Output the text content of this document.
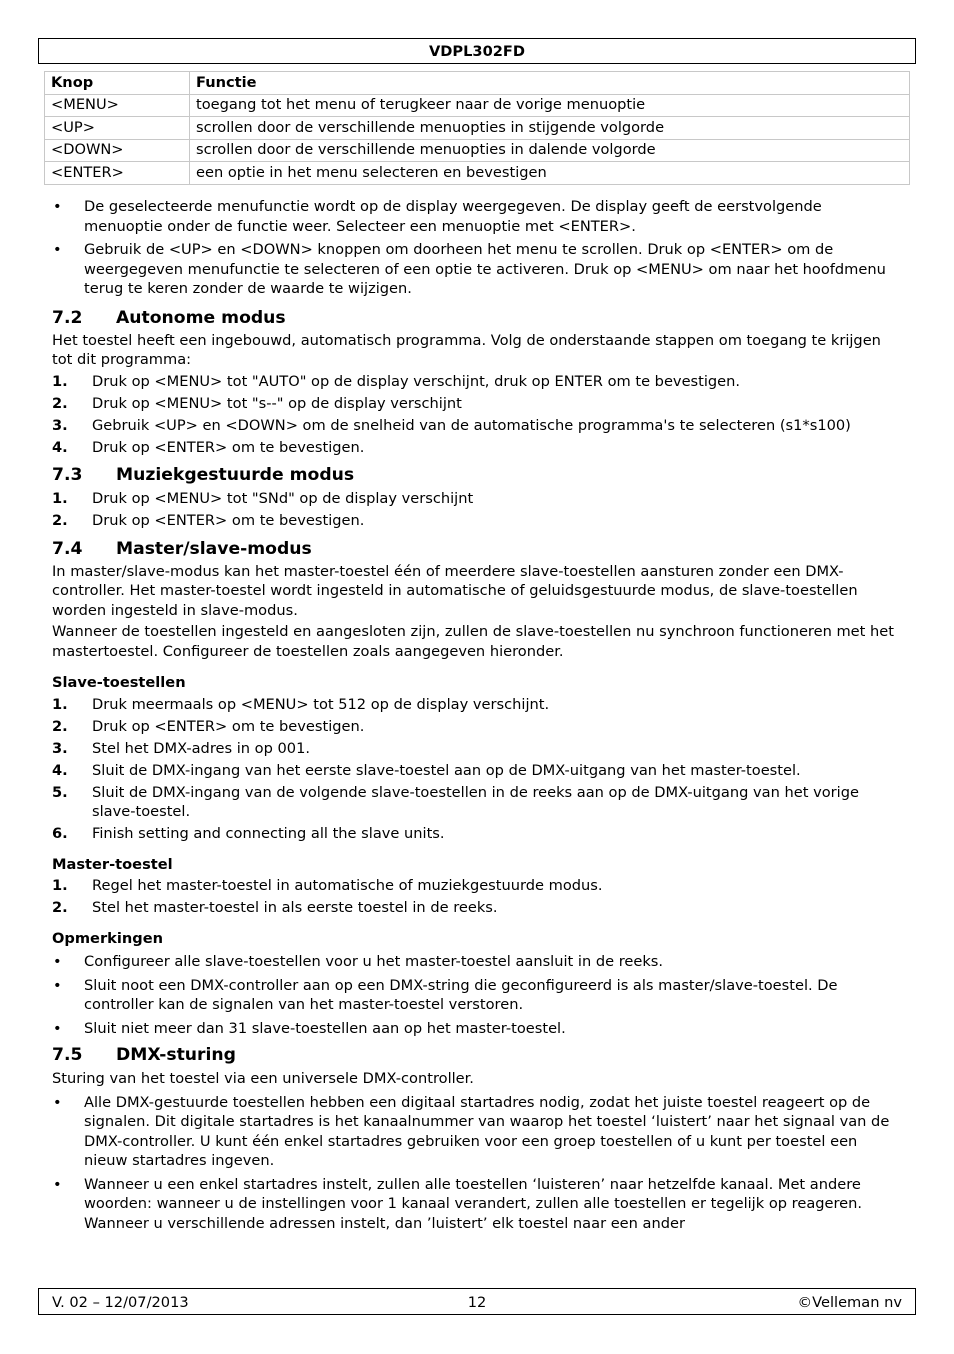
VDPL302FD
Knop	Functie
<MENU>	toegang tot het menu of terugkeer naar de vorige menuoptie
<UP>	scrollen door de verschillende menuopties in stijgende volgorde
<DOWN>	scrollen door de verschillende menuopties in dalende volgorde
<ENTER>	een optie in het menu selecteren en bevestigen
• De geselecteerde menufunctie wordt op de display weergegeven. De display geeft de eerstvolgende menuoptie onder de functie weer. Selecteer een menuoptie met <ENTER>.
• Gebruik de <UP> en <DOWN> knoppen om doorheen het menu te scrollen. Druk op <ENTER> om de weergegeven menufunctie te selecteren of een optie te activeren. Druk op <MENU> om naar het hoofdmenu terug te keren zonder de waarde te wijzigen.
7.2 Autonome modus

Het toestel heeft een ingebouwd, automatisch programma. Volg de onderstaande stappen om toegang te krijgen tot dit programma:

1. Druk op <MENU> tot "AUTO" op de display verschijnt, druk op ENTER om te bevestigen.
2. Druk op <MENU> tot "s--" op de display verschijnt
3. Gebruik <UP> en <DOWN> om de snelheid van de automatische programma's te selecteren (s1*s100)
4. Druk op <ENTER> om te bevestigen.
7.3 Muziekgestuurde modus
1. Druk op <MENU> tot "SNd" op de display verschijnt
2. Druk op <ENTER> om te bevestigen.
7.4 Master/slave-modus

In master/slave-modus kan het master-toestel één of meerdere slave-toestellen aansturen zonder een DMX-controller. Het master-toestel wordt ingesteld in automatische of geluidsgestuurde modus, de slave-toestellen worden ingesteld in slave-modus.

Wanneer de toestellen ingesteld en aangesloten zijn, zullen de slave-toestellen nu synchroon functioneren met het mastertoestel. Configureer de toestellen zoals aangegeven hieronder.

Slave-toestellen
1. Druk meermaals op <MENU> tot 512 op de display verschijnt.
2. Druk op <ENTER> om te bevestigen.
3. Stel het DMX-adres in op 001.
4. Sluit de DMX-ingang van het eerste slave-toestel aan op de DMX-uitgang van het master-toestel.
5. Sluit de DMX-ingang van de volgende slave-toestellen in de reeks aan op de DMX-uitgang van het vorige slave-toestel.
6. Finish setting and connecting all the slave units.
Master-toestel
1. Regel het master-toestel in automatische of muziekgestuurde modus.
2. Stel het master-toestel in als eerste toestel in de reeks.
Opmerkingen
• Configureer alle slave-toestellen voor u het master-toestel aansluit in de reeks.
• Sluit noot een DMX-controller aan op een DMX-string die geconfigureerd is als master/slave-toestel. De controller kan de signalen van het master-toestel verstoren.
• Sluit niet meer dan 31 slave-toestellen aan op het master-toestel.
7.5 DMX-sturing

Sturing van het toestel via een universele DMX-controller.

• Alle DMX-gestuurde toestellen hebben een digitaal startadres nodig, zodat het juiste toestel reageert op de signalen. Dit digitale startadres is het kanaalnummer van waarop het toestel ‘luistert’ naar het signaal van de DMX-controller. U kunt één enkel startadres gebruiken voor een groep toestellen of u kunt per toestel een nieuw startadres ingeven.
• Wanneer u een enkel startadres instelt, zullen alle toestellen ‘luisteren’ naar hetzelfde kanaal. Met andere woorden: wanneer u de instellingen voor 1 kanaal verandert, zullen alle toestellen er tegelijk op reageren. Wanneer u verschillende adressen instelt, dan ’luistert’ elk toestel naar een ander
V. 02 – 12/07/2013	12	©Velleman nv
